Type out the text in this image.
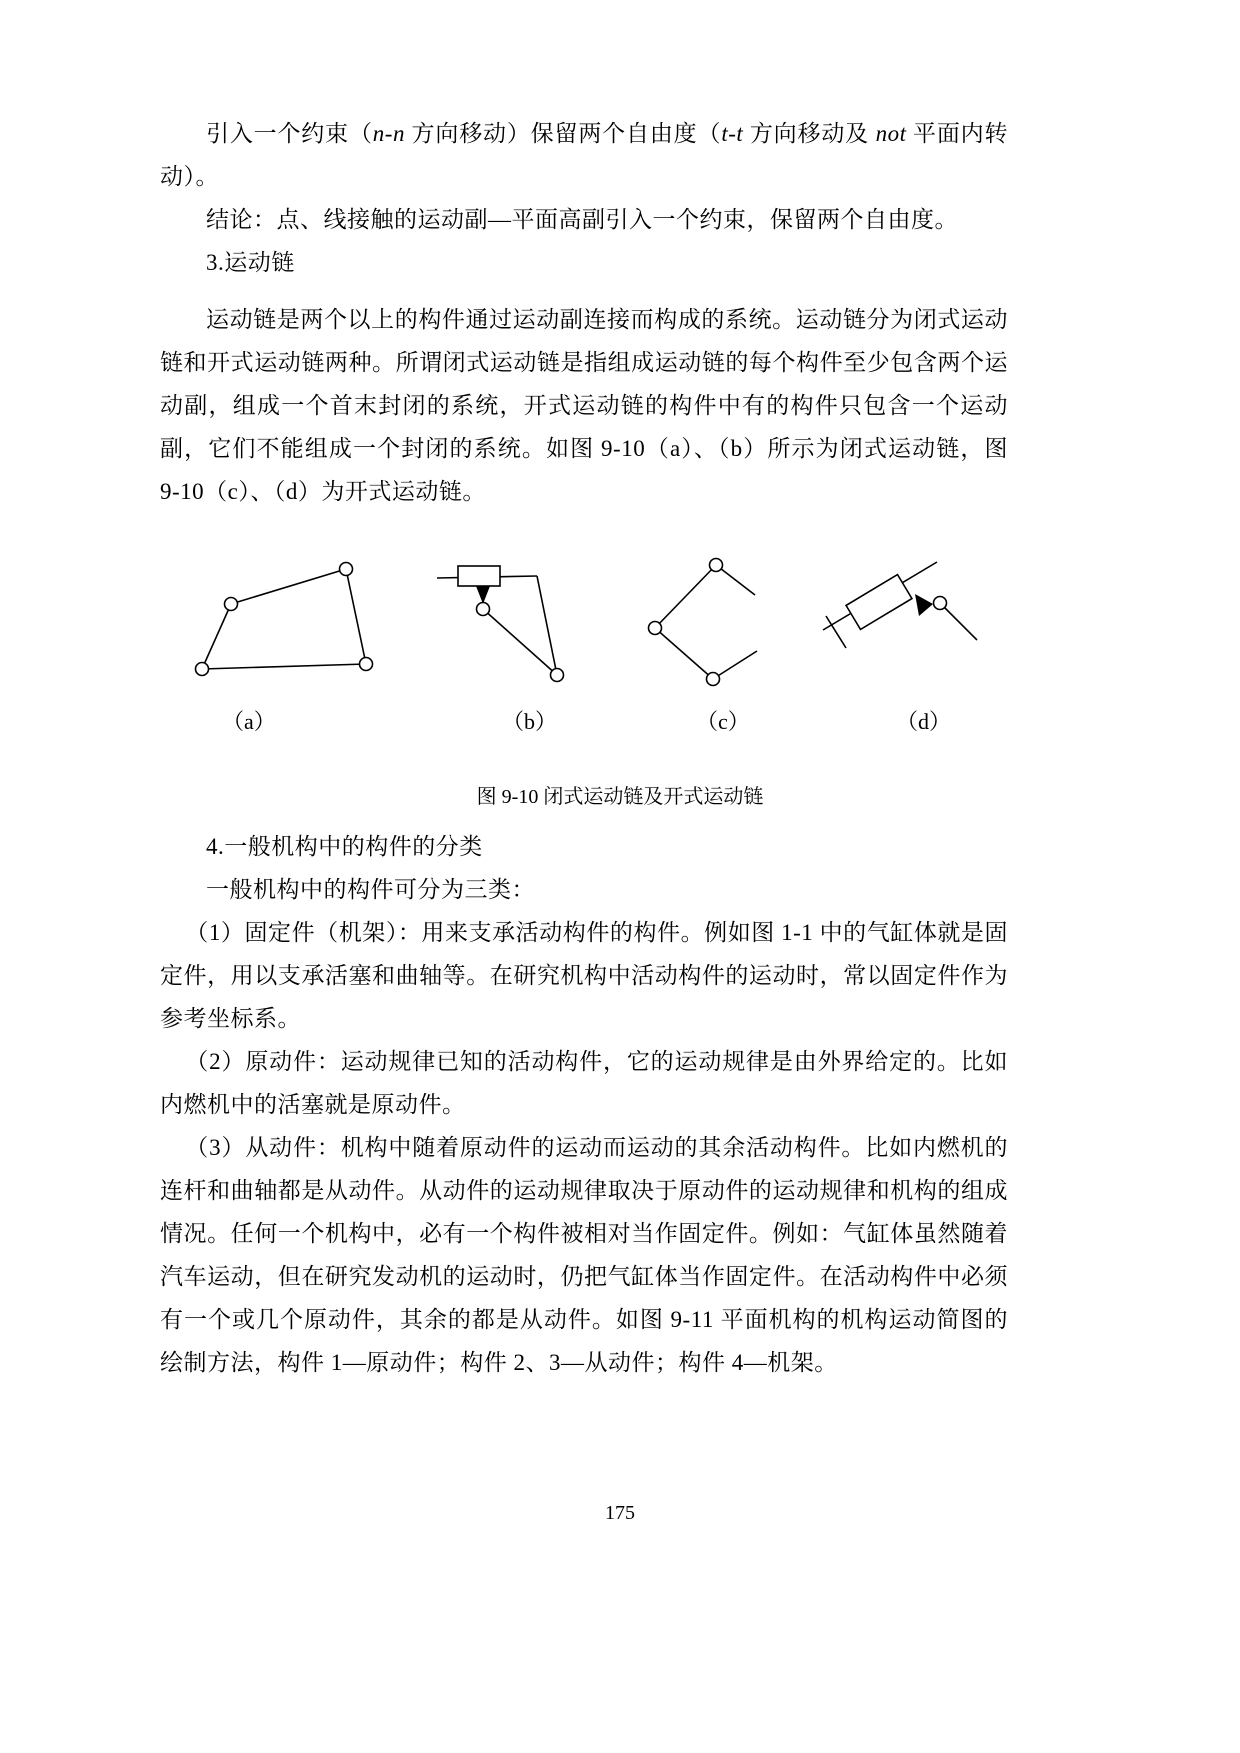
引入一个约束（n-n 方向移动）保留两个自由度（t-t 方向移动及 not 平面内转动）。

结论：点、线接触的运动副—平面高副引入一个约束，保留两个自由度。

3.运动链

运动链是两个以上的构件通过运动副连接而构成的系统。运动链分为闭式运动链和开式运动链两种。所谓闭式运动链是指组成运动链的每个构件至少包含两个运动副，组成一个首末封闭的系统，开式运动链的构件中有的构件只包含一个运动副，它们不能组成一个封闭的系统。如图 9-10（a）、（b）所示为闭式运动链，图 9-10（c）、（d）为开式运动链。

（a）	（b）	（c）	（d）
图 9-10 闭式运动链及开式运动链

4.一般机构中的构件的分类

一般机构中的构件可分为三类：

（1）固定件（机架）：用来支承活动构件的构件。例如图 1-1 中的气缸体就是固定件，用以支承活塞和曲轴等。在研究机构中活动构件的运动时，常以固定件作为参考坐标系。

（2）原动件：运动规律已知的活动构件，它的运动规律是由外界给定的。比如内燃机中的活塞就是原动件。

（3）从动件：机构中随着原动件的运动而运动的其余活动构件。比如内燃机的连杆和曲轴都是从动件。从动件的运动规律取决于原动件的运动规律和机构的组成情况。任何一个机构中，必有一个构件被相对当作固定件。例如：气缸体虽然随着汽车运动，但在研究发动机的运动时，仍把气缸体当作固定件。在活动构件中必须有一个或几个原动件，其余的都是从动件。如图 9-11 平面机构的机构运动简图的绘制方法，构件 1—原动件；构件 2、3—从动件；构件 4—机架。

175
